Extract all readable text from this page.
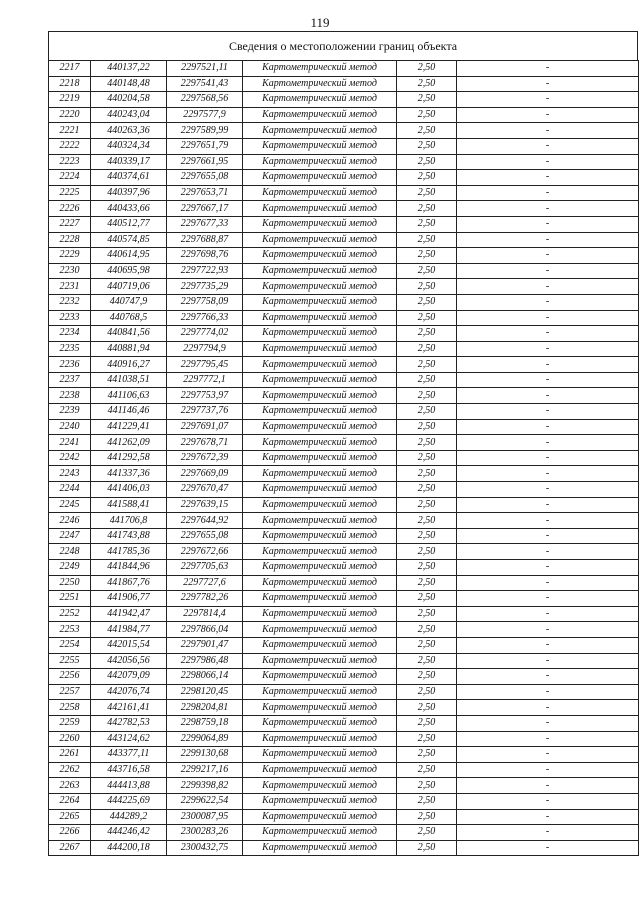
119
Сведения о местоположении границ объекта
2217	440137,22	2297521,11	Картометрический метод	2,50	-
2218	440148,48	2297541,43	Картометрический метод	2,50	-
2219	440204,58	2297568,56	Картометрический метод	2,50	-
2220	440243,04	2297577,9	Картометрический метод	2,50	-
2221	440263,36	2297589,99	Картометрический метод	2,50	-
2222	440324,34	2297651,79	Картометрический метод	2,50	-
2223	440339,17	2297661,95	Картометрический метод	2,50	-
2224	440374,61	2297655,08	Картометрический метод	2,50	-
2225	440397,96	2297653,71	Картометрический метод	2,50	-
2226	440433,66	2297667,17	Картометрический метод	2,50	-
2227	440512,77	2297677,33	Картометрический метод	2,50	-
2228	440574,85	2297688,87	Картометрический метод	2,50	-
2229	440614,95	2297698,76	Картометрический метод	2,50	-
2230	440695,98	2297722,93	Картометрический метод	2,50	-
2231	440719,06	2297735,29	Картометрический метод	2,50	-
2232	440747,9	2297758,09	Картометрический метод	2,50	-
2233	440768,5	2297766,33	Картометрический метод	2,50	-
2234	440841,56	2297774,02	Картометрический метод	2,50	-
2235	440881,94	2297794,9	Картометрический метод	2,50	-
2236	440916,27	2297795,45	Картометрический метод	2,50	-
2237	441038,51	2297772,1	Картометрический метод	2,50	-
2238	441106,63	2297753,97	Картометрический метод	2,50	-
2239	441146,46	2297737,76	Картометрический метод	2,50	-
2240	441229,41	2297691,07	Картометрический метод	2,50	-
2241	441262,09	2297678,71	Картометрический метод	2,50	-
2242	441292,58	2297672,39	Картометрический метод	2,50	-
2243	441337,36	2297669,09	Картометрический метод	2,50	-
2244	441406,03	2297670,47	Картометрический метод	2,50	-
2245	441588,41	2297639,15	Картометрический метод	2,50	-
2246	441706,8	2297644,92	Картометрический метод	2,50	-
2247	441743,88	2297655,08	Картометрический метод	2,50	-
2248	441785,36	2297672,66	Картометрический метод	2,50	-
2249	441844,96	2297705,63	Картометрический метод	2,50	-
2250	441867,76	2297727,6	Картометрический метод	2,50	-
2251	441906,77	2297782,26	Картометрический метод	2,50	-
2252	441942,47	2297814,4	Картометрический метод	2,50	-
2253	441984,77	2297866,04	Картометрический метод	2,50	-
2254	442015,54	2297901,47	Картометрический метод	2,50	-
2255	442056,56	2297986,48	Картометрический метод	2,50	-
2256	442079,09	2298066,14	Картометрический метод	2,50	-
2257	442076,74	2298120,45	Картометрический метод	2,50	-
2258	442161,41	2298204,81	Картометрический метод	2,50	-
2259	442782,53	2298759,18	Картометрический метод	2,50	-
2260	443124,62	2299064,89	Картометрический метод	2,50	-
2261	443377,11	2299130,68	Картометрический метод	2,50	-
2262	443716,58	2299217,16	Картометрический метод	2,50	-
2263	444413,88	2299398,82	Картометрический метод	2,50	-
2264	444225,69	2299622,54	Картометрический метод	2,50	-
2265	444289,2	2300087,95	Картометрический метод	2,50	-
2266	444246,42	2300283,26	Картометрический метод	2,50	-
2267	444200,18	2300432,75	Картометрический метод	2,50	-
